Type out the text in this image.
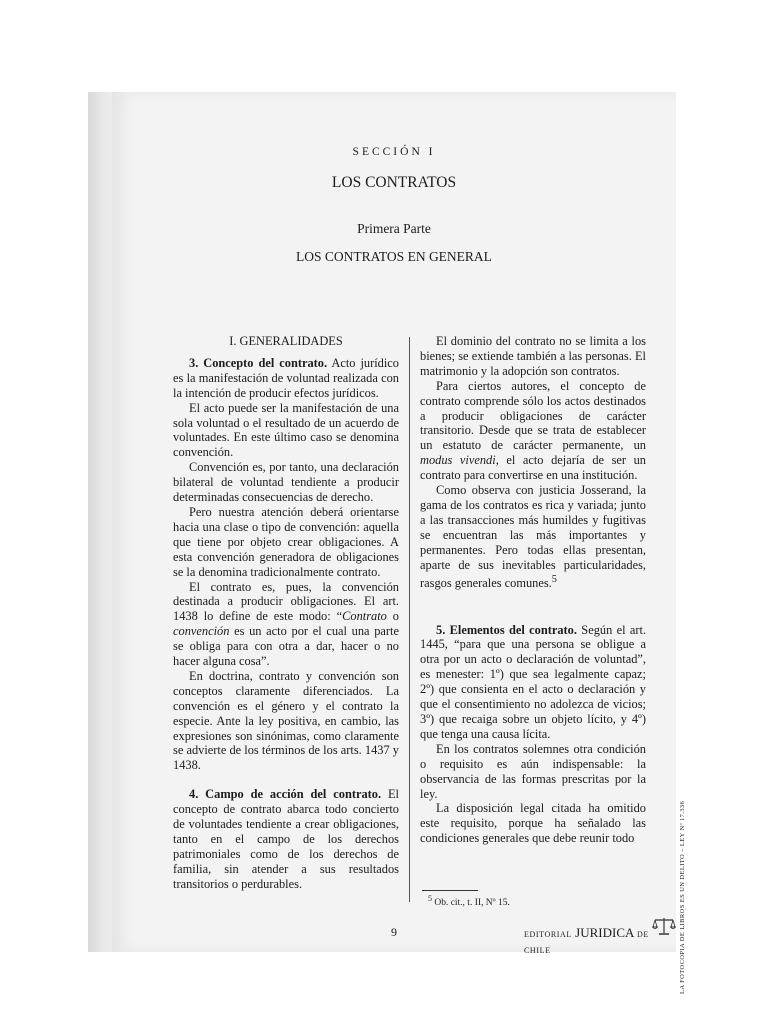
SECCIÓN I
LOS CONTRATOS
Primera Parte
LOS CONTRATOS EN GENERAL
I. GENERALIDADES

3. Concepto del contrato. Acto jurídico es la manifestación de voluntad realizada con la intención de producir efectos jurídicos.

El acto puede ser la manifestación de una sola voluntad o el resultado de un acuerdo de voluntades. En este último caso se denomina convención.

Convención es, por tanto, una declaración bilateral de voluntad tendiente a producir determinadas consecuencias de derecho.

Pero nuestra atención deberá orientarse hacia una clase o tipo de convención: aquella que tiene por objeto crear obligaciones. A esta convención generadora de obligaciones se la denomina tradicionalmente contrato.

El contrato es, pues, la convención destinada a producir obligaciones. El art. 1438 lo define de este modo: “Contrato o convención es un acto por el cual una parte se obliga para con otra a dar, hacer o no hacer alguna cosa”.

En doctrina, contrato y convención son conceptos claramente diferenciados. La convención es el género y el contrato la especie. Ante la ley positiva, en cambio, las expresiones son sinónimas, como claramente se advierte de los términos de los arts. 1437 y 1438.

4. Campo de acción del contrato. El concepto de contrato abarca todo concierto de voluntades tendiente a crear obligaciones, tanto en el campo de los derechos patrimoniales como de los derechos de familia, sin atender a sus resultados transitorios o perdurables.

El dominio del contrato no se limita a los bienes; se extiende también a las personas. El matrimonio y la adopción son contratos.

Para ciertos autores, el concepto de contrato comprende sólo los actos destinados a producir obligaciones de carácter transitorio. Desde que se trata de establecer un estatuto de carácter permanente, un modus vivendi, el acto dejaría de ser un contrato para convertirse en una institución.

Como observa con justicia Josserand, la gama de los contratos es rica y variada; junto a las transacciones más humildes y fugitivas se encuentran las más importantes y permanentes. Pero todas ellas presentan, aparte de sus inevitables particularidades, rasgos generales comunes.$^5$

5. Elementos del contrato. Según el art. 1445, “para que una persona se obligue a otra por un acto o declaración de voluntad”, es menester: 1º) que sea legalmente capaz; 2º) que consienta en el acto o declaración y que el consentimiento no adolezca de vicios; 3º) que recaiga sobre un objeto lícito, y 4º) que tenga una causa lícita.

En los contratos solemnes otra condición o requisito es aún indispensable: la observancia de las formas prescritas por la ley.

La disposición legal citada ha omitido este requisito, porque ha señalado las condiciones generales que debe reunir todo

$^5$ Ob. cit., t. II, Nº 15.
9	EDITORIAL JURIDICA DE CHILE	LA FOTOCOPIA DE LIBROS ES UN DELITO – LEY Nº 17.336
